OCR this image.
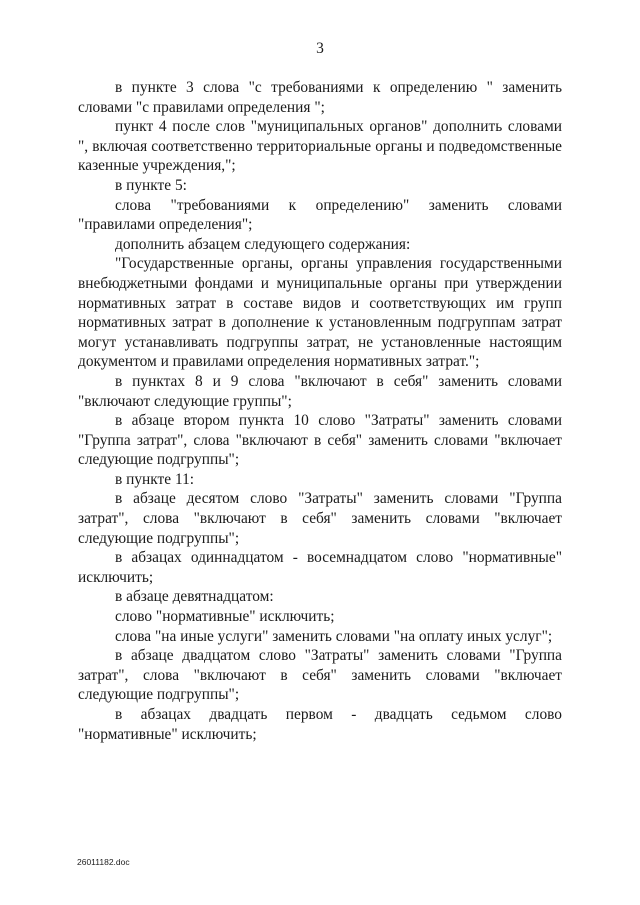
3

в пункте 3 слова "с требованиями к определению " заменить словами "с правилами определения ";

пункт 4 после слов "муниципальных органов" дополнить словами ", включая соответственно территориальные органы и подведомственные казенные учреждения,";

в пункте 5:

слова "требованиями к определению" заменить словами "правилами определения";

дополнить абзацем следующего содержания:

"Государственные органы, органы управления государственными внебюджетными фондами и муниципальные органы при утверждении нормативных затрат в составе видов и соответствующих им групп нормативных затрат в дополнение к установленным подгруппам затрат могут устанавливать подгруппы затрат, не установленные настоящим документом и правилами определения нормативных затрат.";

в пунктах 8 и 9 слова "включают в себя" заменить словами "включают следующие группы";

в абзаце втором пункта 10 слово "Затраты" заменить словами "Группа затрат", слова "включают в себя" заменить словами "включает следующие подгруппы";

в пункте 11:

в абзаце десятом слово "Затраты" заменить словами "Группа затрат", слова "включают в себя" заменить словами "включает следующие подгруппы";

в абзацах одиннадцатом - восемнадцатом слово "нормативные" исключить;

в абзаце девятнадцатом:

слово "нормативные" исключить;

слова "на иные услуги" заменить словами "на оплату иных услуг";

в абзаце двадцатом слово "Затраты" заменить словами "Группа затрат", слова "включают в себя" заменить словами "включает следующие подгруппы";

в абзацах двадцать первом - двадцать седьмом слово "нормативные" исключить;

26011182.doc
